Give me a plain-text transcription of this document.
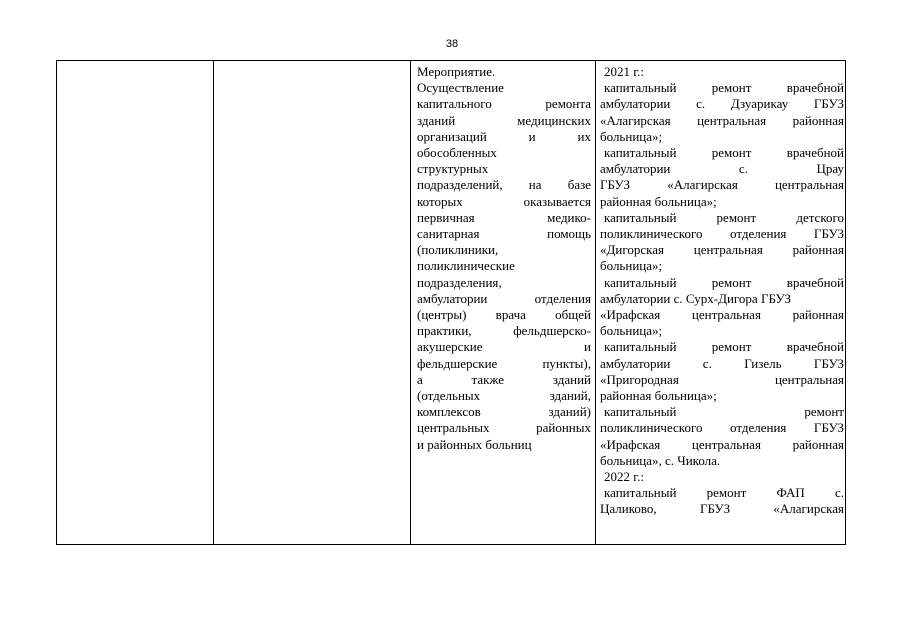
38
Мероприятие.
Осуществление
капитального ремонта
зданий медицинских
организаций и их
обособленных
структурных
подразделений, на базе
которых оказывается
первичная медико-
санитарная помощь
(поликлиники,
поликлинические
подразделения,
амбулатории отделения
(центры) врача общей
практики, фельдшерско-
акушерские и
фельдшерские пункты),
а также зданий
(отдельных зданий,
комплексов зданий)
центральных районных
и районных больниц
2021 г.:
капитальный ремонт врачебной
амбулатории с. Дзуарикау ГБУЗ
«Алагирская центральная районная
больница»;
капитальный ремонт врачебной
амбулатории с. Црау
ГБУЗ «Алагирская центральная
районная больница»;
капитальный ремонт детского
поликлинического отделения ГБУЗ
«Дигорская центральная районная
больница»;
капитальный ремонт врачебной
амбулатории с. Сурх-Дигора ГБУЗ
«Ирафская центральная районная
больница»;
капитальный ремонт врачебной
амбулатории с. Гизель ГБУЗ
«Пригородная центральная
районная больница»;
капитальный ремонт
поликлинического отделения ГБУЗ
«Ирафская центральная районная
больница», с. Чикола.
2022 г.:
капитальный ремонт ФАП с.
Цаликово, ГБУЗ «Алагирская
